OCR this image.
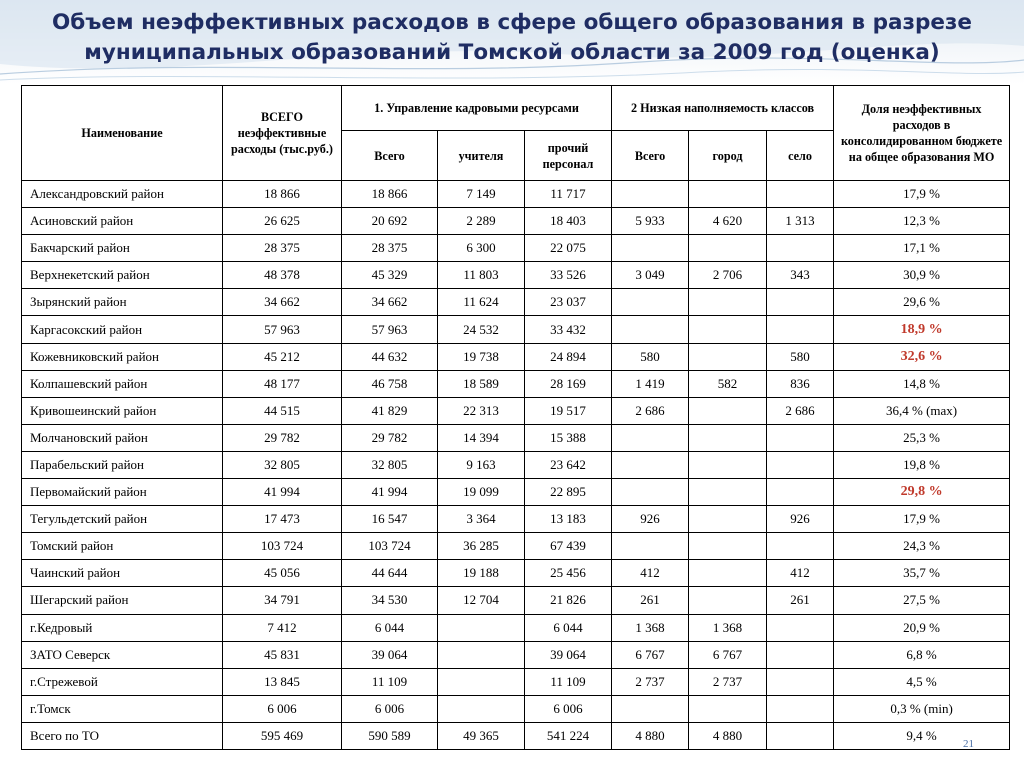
Объем неэффективных расходов в сфере общего образования в разрезе
муниципальных образований Томской области за 2009 год (оценка)
Наименование	ВСЕГО неэффективные расходы (тыс.руб.)	1. Управление кадровыми ресурсами			2 Низкая наполняемость классов			Доля неэффективных расходов в консолидированном бюджете на общее образования МО
		Всего	учителя	прочий персонал	Всего	город	село	
Александровский район	18 866	18 866	7 149	11 717				17,9 %
Асиновский район	26 625	20 692	2 289	18 403	5 933	4 620	1 313	12,3 %
Бакчарский район	28 375	28 375	6 300	22 075				17,1 %
Верхнекетский район	48 378	45 329	11 803	33 526	3 049	2 706	343	30,9 %
Зырянский район	34 662	34 662	11 624	23 037				29,6 %
Каргасокский район	57 963	57 963	24 532	33 432				18,9 %
Кожевниковский район	45 212	44 632	19 738	24 894	580		580	32,6 %
Колпашевский район	48 177	46 758	18 589	28 169	1 419	582	836	14,8 %
Кривошеинский район	44 515	41 829	22 313	19 517	2 686		2 686	36,4 % (max)
Молчановский район	29 782	29 782	14 394	15 388				25,3 %
Парабельский район	32 805	32 805	9 163	23 642				19,8 %
Первомайский район	41 994	41 994	19 099	22 895				29,8 %
Тегульдетский район	17 473	16 547	3 364	13 183	926		926	17,9 %
Томский район	103 724	103 724	36 285	67 439				24,3 %
Чаинский район	45 056	44 644	19 188	25 456	412		412	35,7 %
Шегарский район	34 791	34 530	12 704	21 826	261		261	27,5 %
г.Кедровый	7 412	6 044		6 044	1 368	1 368		20,9 %
ЗАТО Северск	45 831	39 064		39 064	6 767	6 767		6,8 %
г.Стрежевой	13 845	11 109		11 109	2 737	2 737		4,5 %
г.Томск	6 006	6 006		6 006				0,3 % (min)
Всего по ТО	595 469	590 589	49 365	541 224	4 880	4 880		9,4 %
21
